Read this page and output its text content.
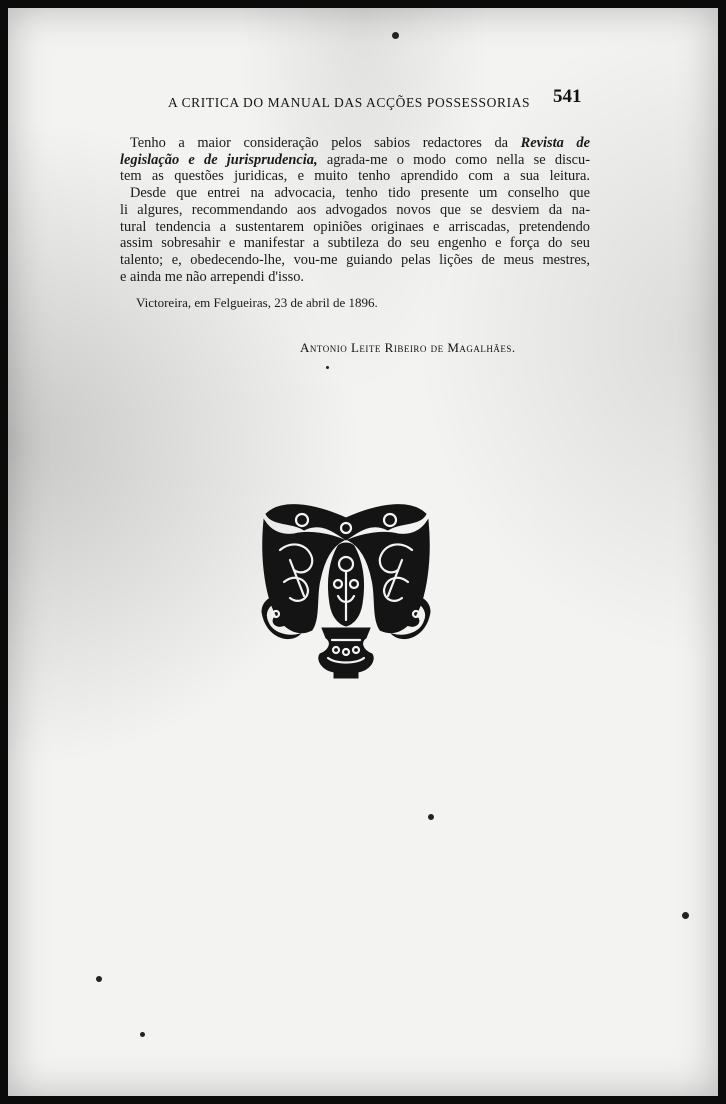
A CRITICA DO MANUAL DAS ACÇÕES POSSESSORIAS 541
Tenho a maior consideração pelos sabios redactores da Revista de
legislação e de jurisprudencia, agrada-me o modo como nella se discu-
tem as questões juridicas, e muito tenho aprendido com a sua leitura.
Desde que entrei na advocacia, tenho tido presente um conselho que
li algures, recommendando aos advogados novos que se desviem da na-
tural tendencia a sustentarem opiniões originaes e arriscadas, pretendendo
assim sobresahir e manifestar a subtileza do seu engenho e força do seu
talento; e, obedecendo-lhe, vou-me guiando pelas lições de meus mestres,
e ainda me não arrependi d'isso.
Victoreira, em Felgueiras, 23 de abril de 1896.
Antonio Leite Ribeiro de Magalhães.
